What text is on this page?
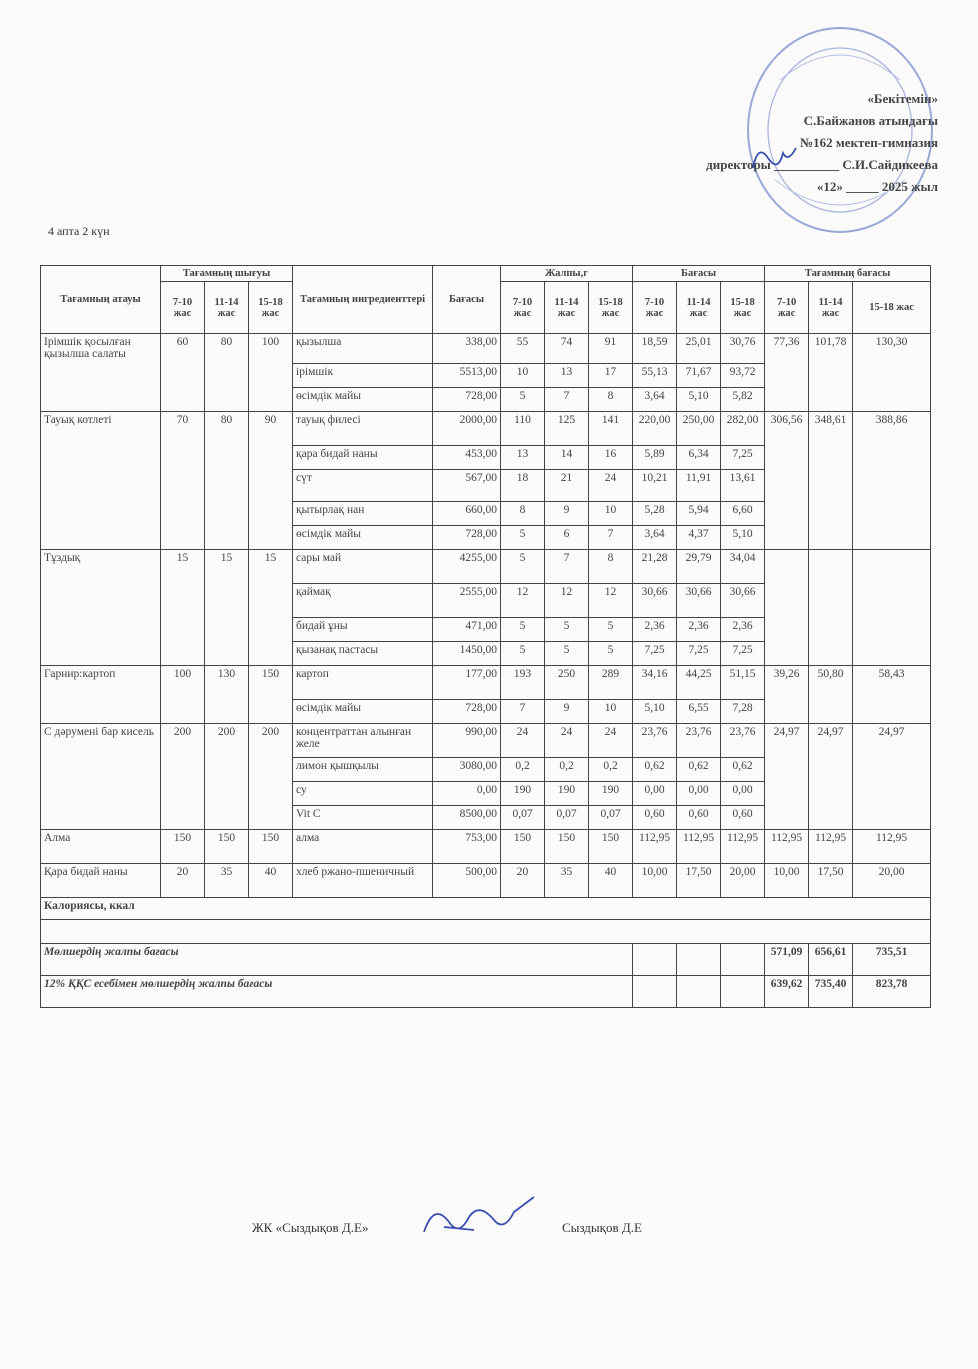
«Бекітемін»
С.Байжанов атындағы
№162 мектеп-гимназия
директоры __________ С.И.Сайдикеева
«12» _____ 2025 жыл
4 апта 2 күн
Тағамның атауы	Тағамның шығуы			Тағамның ингредиенттері	Бағасы	Жалпы,г			Бағасы			Тағамның бағасы		
	7-10 жас	11-14 жас	15-18 жас			7-10 жас	11-14 жас	15-18 жас	7-10 жас	11-14 жас	15-18 жас	7-10 жас	11-14 жас	15-18 жас
Ірімшік қосылған қызылша салаты	60	80	100	қызылша	338,00	55	74	91	18,59	25,01	30,76	77,36	101,78	130,30
				ірімшік	5513,00	10	13	17	55,13	71,67	93,72			
				өсімдік майы	728,00	5	7	8	3,64	5,10	5,82			
Тауық котлеті	70	80	90	тауық филесі	2000,00	110	125	141	220,00	250,00	282,00	306,56	348,61	388,86
				қара бидай наны	453,00	13	14	16	5,89	6,34	7,25			
				сүт	567,00	18	21	24	10,21	11,91	13,61			
				қытырлақ нан	660,00	8	9	10	5,28	5,94	6,60			
				өсімдік майы	728,00	5	6	7	3,64	4,37	5,10			
Тұздық	15	15	15	сары май	4255,00	5	7	8	21,28	29,79	34,04			
				қаймақ	2555,00	12	12	12	30,66	30,66	30,66			
				бидай ұны	471,00	5	5	5	2,36	2,36	2,36			
				қызанақ пастасы	1450,00	5	5	5	7,25	7,25	7,25			
Гарнир:картоп	100	130	150	картоп	177,00	193	250	289	34,16	44,25	51,15	39,26	50,80	58,43
				өсімдік майы	728,00	7	9	10	5,10	6,55	7,28			
С дәрумені бар кисель	200	200	200	концентраттан алынған желе	990,00	24	24	24	23,76	23,76	23,76	24,97	24,97	24,97
				лимон қышқылы	3080,00	0,2	0,2	0,2	0,62	0,62	0,62			
				су	0,00	190	190	190	0,00	0,00	0,00			
				Vit C	8500,00	0,07	0,07	0,07	0,60	0,60	0,60			
Алма	150	150	150	алма	753,00	150	150	150	112,95	112,95	112,95	112,95	112,95	112,95
Қара бидай наны	20	35	40	хлеб ржано-пшеничный	500,00	20	35	40	10,00	17,50	20,00	10,00	17,50	20,00
Калориясы, ккал														

Мөлшердің жалпы бағасы												571,09	656,61	735,51
12% ҚҚС есебімен мөлшердің жалпы бағасы												639,62	735,40	823,78
ЖК «Сыздықов Д.Е»	Сыздықов Д.Е
